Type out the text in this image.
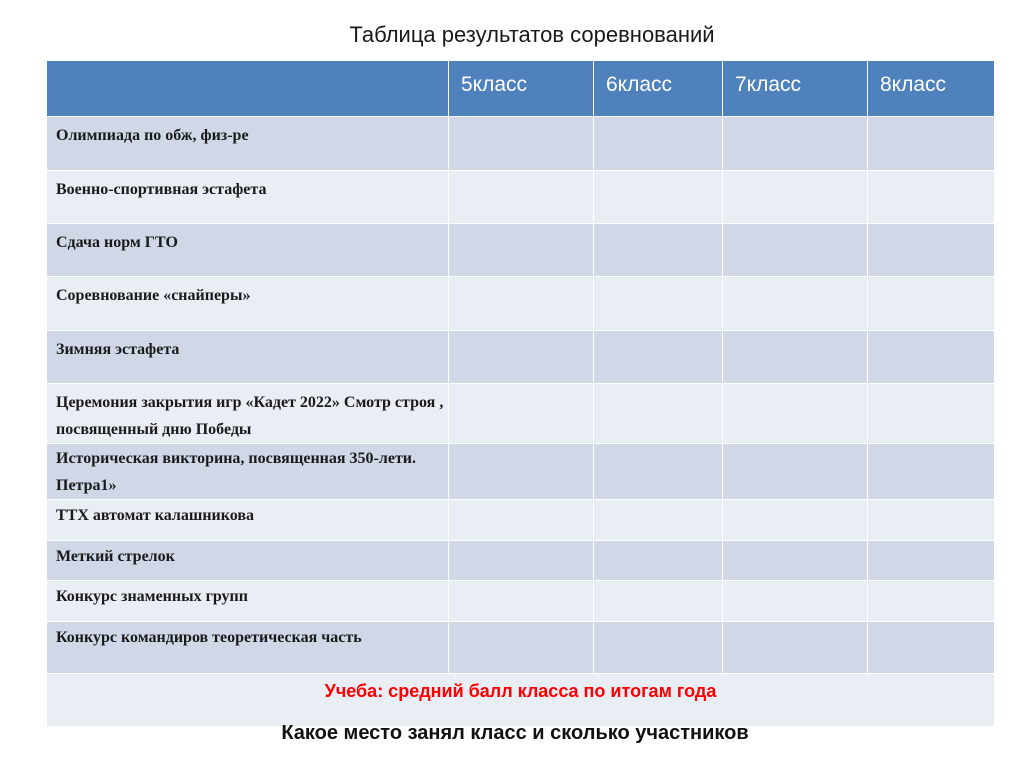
Таблица результатов соревнований

	5класс	6класс	7класс	8класс

Олимпиада по обж, физ-ре				

Военно-спортивная эстафета				

Сдача норм ГТО				

Соревнование «снайперы»				

Зимняя эстафета				

Церемония закрытия игр «Кадет 2022» Смотр строя , посвященный дню Победы				

Историческая викторина, посвященная 350-лети. Петра1»				

ТТХ автомат калашникова				

Меткий стрелок				

Конкурс знаменных групп				

Конкурс командиров теоретическая часть				

Учеба: средний балл класса по итогам года				
Какое место занял класс и сколько участников
